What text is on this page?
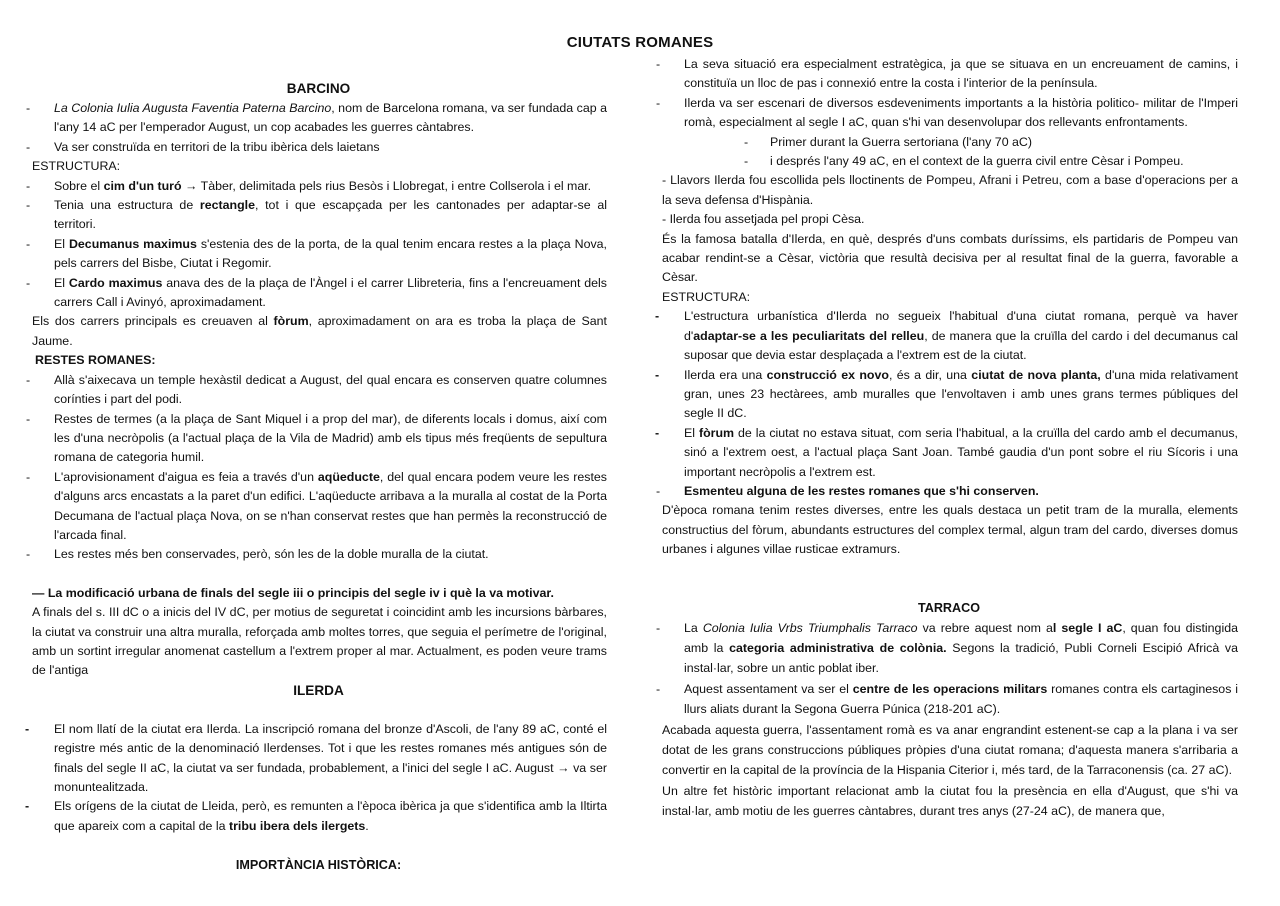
CIUTATS ROMANES
BARCINO
- La Colonia Iulia Augusta Faventia Paterna Barcino, nom de Barcelona romana, va ser fundada cap a l'any 14 aC per l'emperador August, un cop acabades les guerres càntabres.
- Va ser construïda en territori de la tribu ibèrica dels laietans
ESTRUCTURA:
- Sobre el cim d'un turó → Tàber, delimitada pels rius Besòs i Llobregat, i entre Collserola i el mar.
- Tenia una estructura de rectangle, tot i que escapçada per les cantonades per adaptar-se al territori.
- El Decumanus maximus s'estenia des de la porta, de la qual tenim encara restes a la plaça Nova, pels carrers del Bisbe, Ciutat i Regomir.
- El Cardo maximus anava des de la plaça de l'Àngel i el carrer Llibreteria, fins a l'encreuament dels carrers Call i Avinyó, aproximadament.
Els dos carrers principals es creuaven al fòrum, aproximadament on ara es troba la plaça de Sant Jaume.
RESTES ROMANES:
- Allà s'aixecava un temple hexàstil dedicat a August, del qual encara es conserven quatre columnes corínties i part del podi.
- Restes de termes (a la plaça de Sant Miquel i a prop del mar), de diferents locals i domus, així com les d'una necròpolis (a l'actual plaça de la Vila de Madrid) amb els tipus més freqüents de sepultura romana de categoria humil.
- L'aprovisionament d'aigua es feia a través d'un aqüeducte, del qual encara podem veure les restes d'alguns arcs encastats a la paret d'un edifici. L'aqüeducte arribava a la muralla al costat de la Porta Decumana de l'actual plaça Nova, on se n'han conservat restes que han permès la reconstrucció de l'arcada final.
- Les restes més ben conservades, però, són les de la doble muralla de la ciutat.
— La modificació urbana de finals del segle iii o principis del segle iv i què la va motivar.
A finals del s. III dC o a inicis del IV dC, per motius de seguretat i coincidint amb les incursions bàrbares, la ciutat va construir una altra muralla, reforçada amb moltes torres, que seguia el perímetre de l'original, amb un sortint irregular anomenat castellum a l'extrem proper al mar. Actualment, es poden veure trams de l'antiga
ILERDA
- El nom llatí de la ciutat era Ilerda. La inscripció romana del bronze d'Ascoli, de l'any 89 aC, conté el registre més antic de la denominació Ilerdenses. Tot i que les restes romanes més antigues són de finals del segle II aC, la ciutat va ser fundada, probablement, a l'inici del segle I aC. August → va ser monuntealitzada.
- Els orígens de la ciutat de Lleida, però, es remunten a l'època ibèrica ja que s'identifica amb la Iltirta que apareix com a capital de la tribu ibera dels ilergets.
IMPORTÀNCIA HISTÒRICA:
- La seva situació era especialment estratègica, ja que se situava en un encreuament de camins, i constituïa un lloc de pas i connexió entre la costa i l'interior de la península.
- Ilerda va ser escenari de diversos esdeveniments importants a la història politico- militar de l'Imperi romà, especialment al segle I aC, quan s'hi van desenvolupar dos rellevants enfrontaments.
- Primer durant la Guerra sertoriana (l'any 70 aC)
- i després l'any 49 aC, en el context de la guerra civil entre Cèsar i Pompeu.
- Llavors Ilerda fou escollida pels lloctinents de Pompeu, Afrani i Petreu, com a base d'operacions per a la seva defensa d'Hispània.
- Ilerda fou assetjada pel propi Cèsa.
És la famosa batalla d'Ilerda, en què, després d'uns combats duríssims, els partidaris de Pompeu van acabar rendint-se a Cèsar, victòria que resultà decisiva per al resultat final de la guerra, favorable a Cèsar.
ESTRUCTURA:
- L'estructura urbanística d'Ilerda no segueix l'habitual d'una ciutat romana, perquè va haver d'adaptar-se a les peculiaritats del relleu, de manera que la cruïlla del cardo i del decumanus cal suposar que devia estar desplaçada a l'extrem est de la ciutat.
- Ilerda era una construcció ex novo, és a dir, una ciutat de nova planta, d'una mida relativament gran, unes 23 hectàrees, amb muralles que l'envoltaven i amb unes grans termes públiques del segle II dC.
- El fòrum de la ciutat no estava situat, com seria l'habitual, a la cruïlla del cardo amb el decumanus, sinó a l'extrem oest, a l'actual plaça Sant Joan. També gaudia d'un pont sobre el riu Sícoris i una important necròpolis a l'extrem est.
- Esmenteu alguna de les restes romanes que s'hi conserven.
D'època romana tenim restes diverses, entre les quals destaca un petit tram de la muralla, elements constructius del fòrum, abundants estructures del complex termal, algun tram del cardo, diverses domus urbanes i algunes villae rusticae extramurs.
TARRACO
- La Colonia Iulia Vrbs Triumphalis Tarraco va rebre aquest nom al segle I aC, quan fou distingida amb la categoria administrativa de colònia. Segons la tradició, Publi Corneli Escipió Africà va instal·lar, sobre un antic poblat iber.
- Aquest assentament va ser el centre de les operacions militars romanes contra els cartaginesos i llurs aliats durant la Segona Guerra Púnica (218-201 aC).
Acabada aquesta guerra, l'assentament romà es va anar engrandint estenent-se cap a la plana i va ser dotat de les grans construccions públiques pròpies d'una ciutat romana; d'aquesta manera s'arribaria a convertir en la capital de la província de la Hispania Citerior i, més tard, de la Tarraconensis (ca. 27 aC).
Un altre fet històric important relacionat amb la ciutat fou la presència en ella d'August, que s'hi va instal·lar, amb motiu de les guerres càntabres, durant tres anys (27-24 aC), de manera que,
